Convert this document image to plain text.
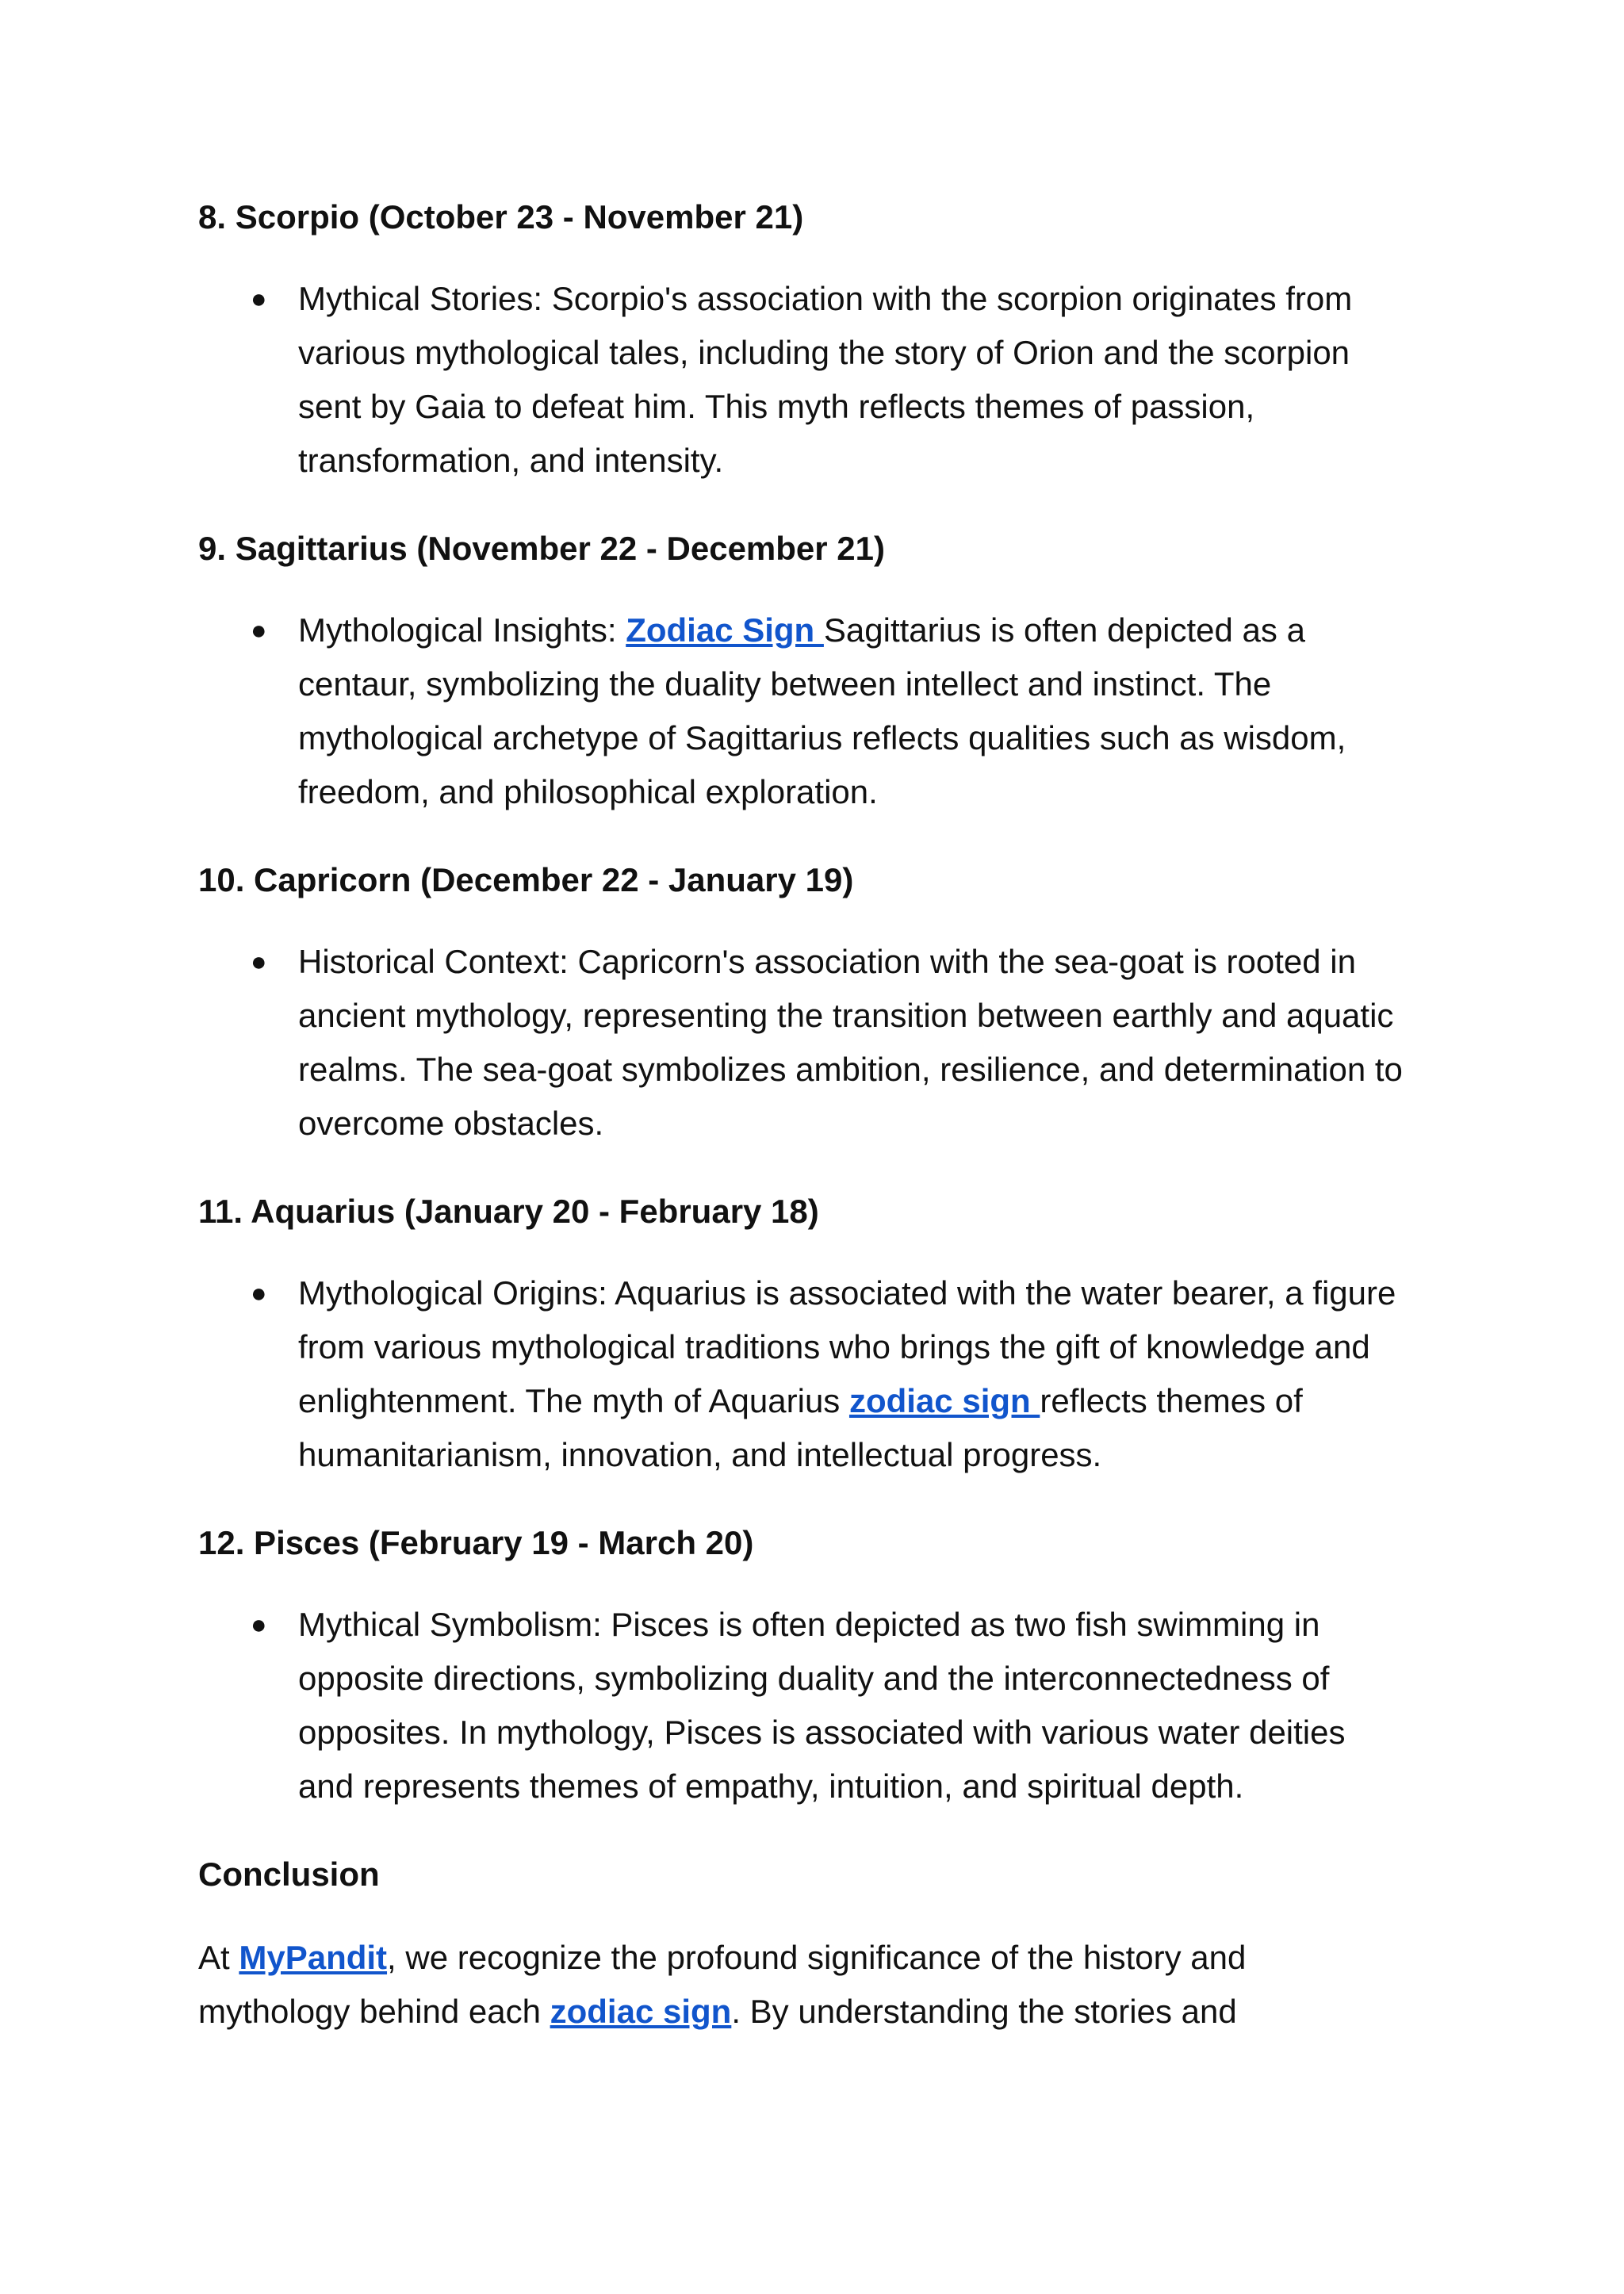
8. Scorpio (October 23 - November 21)
● Mythical Stories: Scorpio's association with the scorpion originates from various mythological tales, including the story of Orion and the scorpion sent by Gaia to defeat him. This myth reflects themes of passion, transformation, and intensity.
9. Sagittarius (November 22 - December 21)
● Mythological Insights: Zodiac Sign Sagittarius is often depicted as a centaur, symbolizing the duality between intellect and instinct. The mythological archetype of Sagittarius reflects qualities such as wisdom, freedom, and philosophical exploration.
10. Capricorn (December 22 - January 19)
● Historical Context: Capricorn's association with the sea-goat is rooted in ancient mythology, representing the transition between earthly and aquatic realms. The sea-goat symbolizes ambition, resilience, and determination to overcome obstacles.
11. Aquarius (January 20 - February 18)
● Mythological Origins: Aquarius is associated with the water bearer, a figure from various mythological traditions who brings the gift of knowledge and enlightenment. The myth of Aquarius zodiac sign reflects themes of humanitarianism, innovation, and intellectual progress.
12. Pisces (February 19 - March 20)
● Mythical Symbolism: Pisces is often depicted as two fish swimming in opposite directions, symbolizing duality and the interconnectedness of opposites. In mythology, Pisces is associated with various water deities and represents themes of empathy, intuition, and spiritual depth.
Conclusion

At MyPandit, we recognize the profound significance of the history and mythology behind each zodiac sign. By understanding the stories and
